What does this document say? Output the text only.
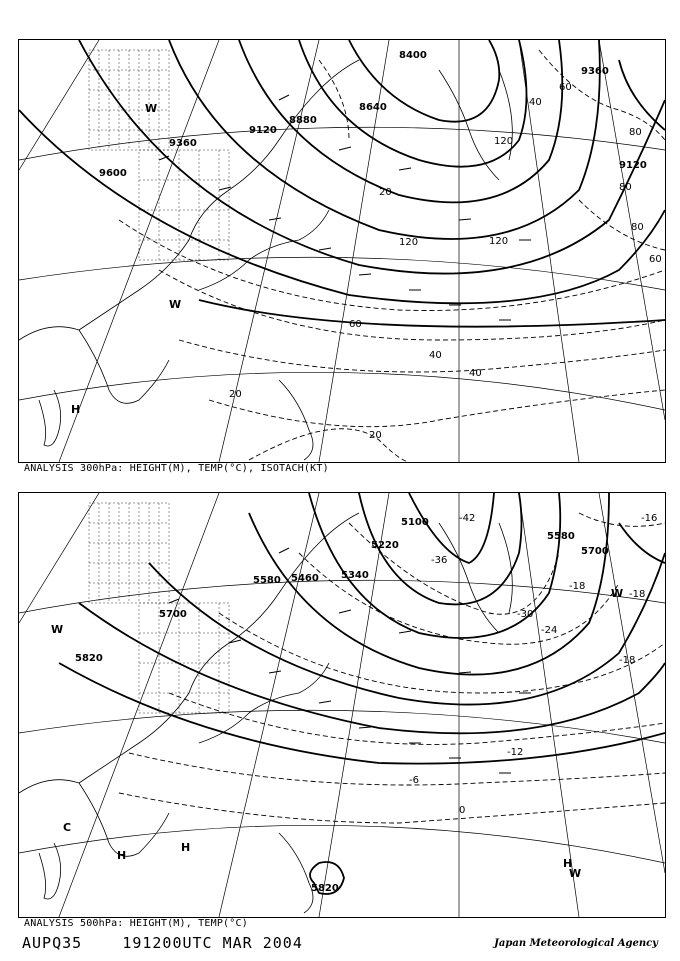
8400
8640
8880
9120
9360
9600
9360
9120
20
40
60
80
120	120
80
60
40
20
20
40
60
80
120
W
W
H
ANALYSIS 300hPa: HEIGHT(M), TEMP(°C), ISOTACH(KT)
5100
5220
5340
5460
5580
5700
5820
5580
5700
5820
-42
-36
-30
-24
-18
-16
-18
-18
-12
-6
0
W
W
W
C
H
H
H
ANALYSIS 500hPa: HEIGHT(M), TEMP(°C)
AUPQ35	191200UTC MAR 2004	Japan Meteorological Agency
